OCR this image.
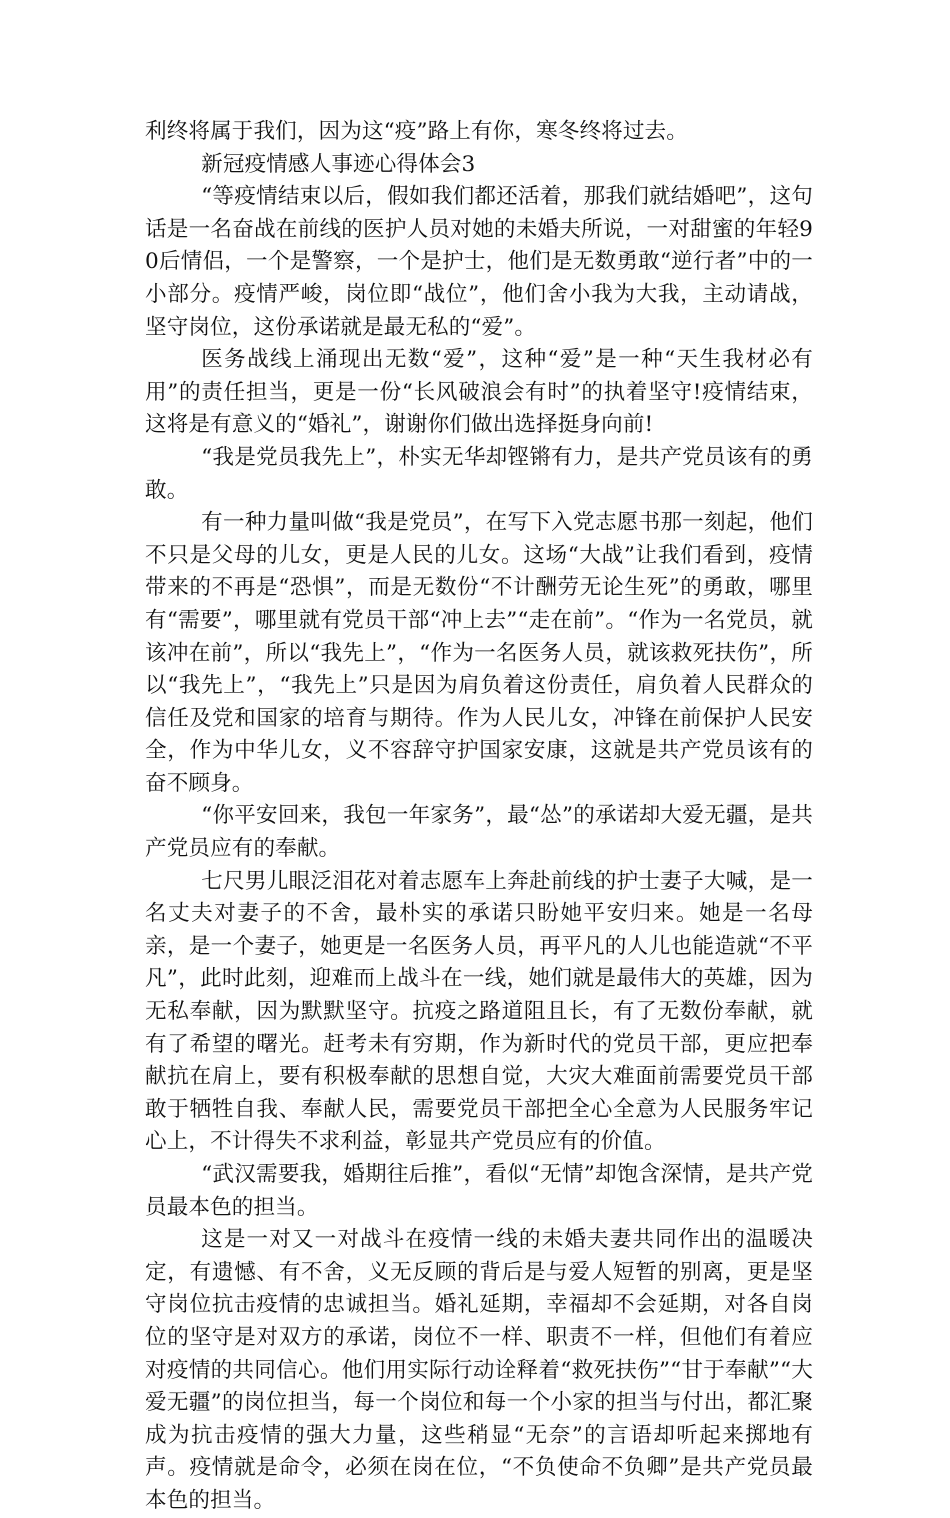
利终将属于我们，因为这“疫”路上有你，寒冬终将过去。

新冠疫情感人事迹心得体会3

“等疫情结束以后，假如我们都还活着，那我们就结婚吧”，这句话是一名奋战在前线的医护人员对她的未婚夫所说，一对甜蜜的年轻90后情侣，一个是警察，一个是护士，他们是无数勇敢“逆行者”中的一小部分。疫情严峻，岗位即“战位”，他们舍小我为大我，主动请战，坚守岗位，这份承诺就是最无私的“爱”。

医务战线上涌现出无数“爱”，这种“爱”是一种“天生我材必有用”的责任担当，更是一份“长风破浪会有时”的执着坚守!疫情结束，这将是有意义的“婚礼”，谢谢你们做出选择挺身向前!

“我是党员我先上”，朴实无华却铿锵有力，是共产党员该有的勇敢。

有一种力量叫做“我是党员”，在写下入党志愿书那一刻起，他们不只是父母的儿女，更是人民的儿女。这场“大战”让我们看到，疫情带来的不再是“恐惧”，而是无数份“不计酬劳无论生死”的勇敢，哪里有“需要”，哪里就有党员干部“冲上去”“走在前”。“作为一名党员，就该冲在前”，所以“我先上”，“作为一名医务人员，就该救死扶伤”，所以“我先上”，“我先上”只是因为肩负着这份责任，肩负着人民群众的信任及党和国家的培育与期待。作为人民儿女，冲锋在前保护人民安全，作为中华儿女，义不容辞守护国家安康，这就是共产党员该有的奋不顾身。

“你平安回来，我包一年家务”，最“怂”的承诺却大爱无疆，是共产党员应有的奉献。

七尺男儿眼泛泪花对着志愿车上奔赴前线的护士妻子大喊，是一名丈夫对妻子的不舍，最朴实的承诺只盼她平安归来。她是一名母亲，是一个妻子，她更是一名医务人员，再平凡的人儿也能造就“不平凡”，此时此刻，迎难而上战斗在一线，她们就是最伟大的英雄，因为无私奉献，因为默默坚守。抗疫之路道阻且长，有了无数份奉献，就有了希望的曙光。赶考未有穷期，作为新时代的党员干部，更应把奉献抗在肩上，要有积极奉献的思想自觉，大灾大难面前需要党员干部敢于牺牲自我、奉献人民，需要党员干部把全心全意为人民服务牢记心上，不计得失不求利益，彰显共产党员应有的价值。

“武汉需要我，婚期往后推”，看似“无情”却饱含深情，是共产党员最本色的担当。

这是一对又一对战斗在疫情一线的未婚夫妻共同作出的温暖决定，有遗憾、有不舍，义无反顾的背后是与爱人短暂的别离，更是坚守岗位抗击疫情的忠诚担当。婚礼延期，幸福却不会延期，对各自岗位的坚守是对双方的承诺，岗位不一样、职责不一样，但他们有着应对疫情的共同信心。他们用实际行动诠释着“救死扶伤”“甘于奉献”“大爱无疆”的岗位担当，每一个岗位和每一个小家的担当与付出，都汇聚成为抗击疫情的强大力量，这些稍显“无奈”的言语却听起来掷地有声。疫情就是命令，必须在岗在位，“不负使命不负卿”是共产党员最本色的担当。
